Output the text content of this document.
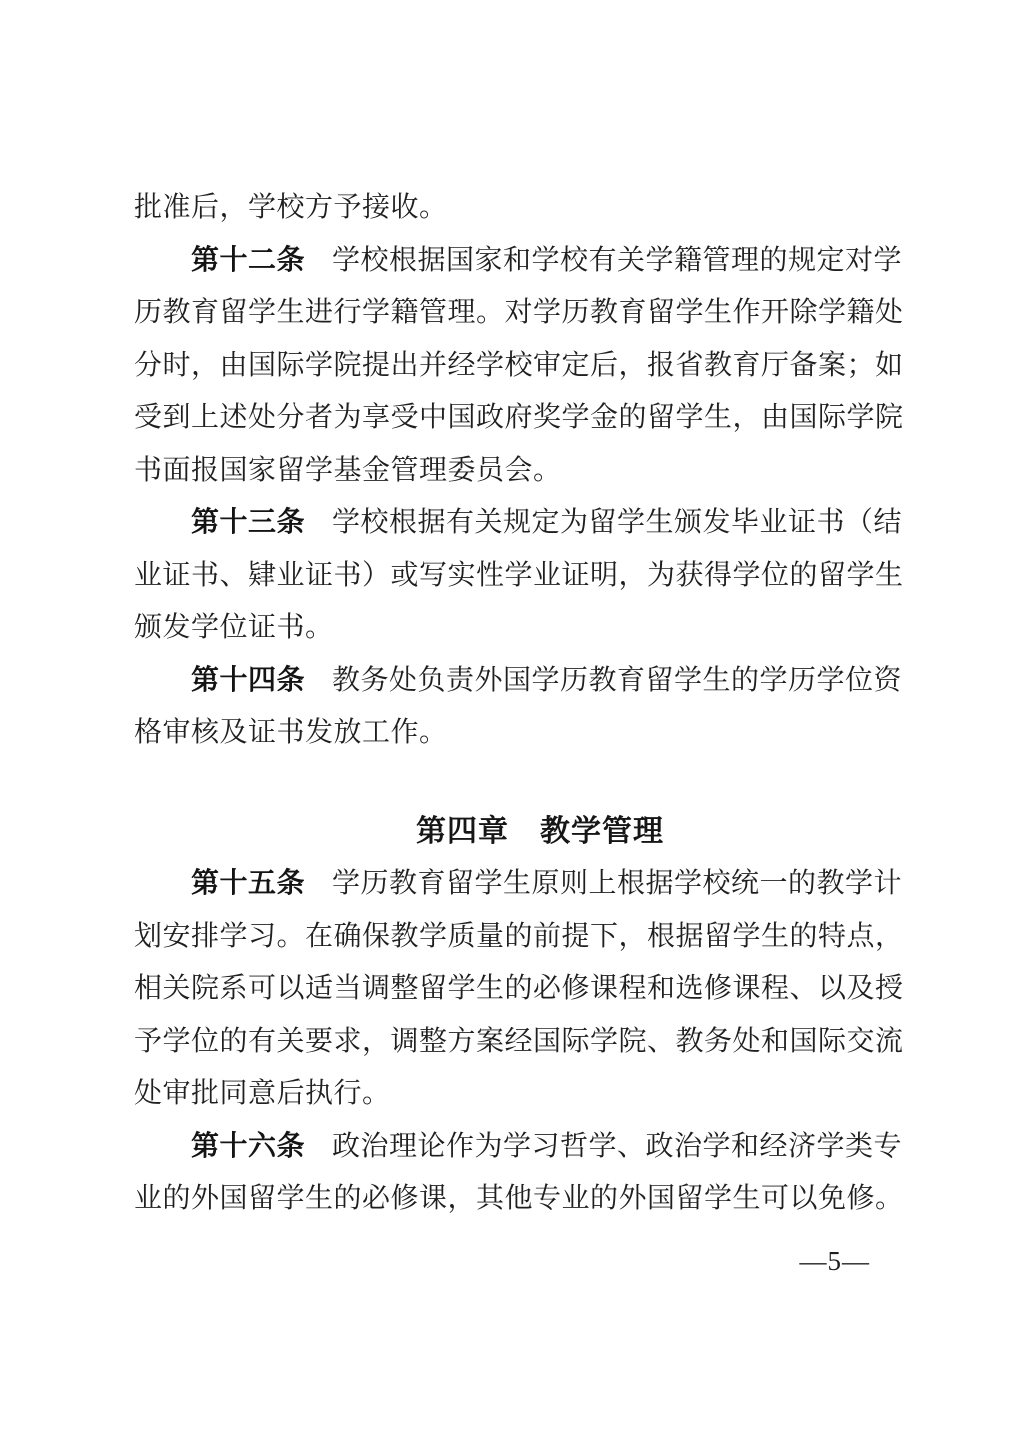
批准后，学校方予接收。
第十二条 学校根据国家和学校有关学籍管理的规定对学
历教育留学生进行学籍管理。对学历教育留学生作开除学籍处
分时，由国际学院提出并经学校审定后，报省教育厅备案；如
受到上述处分者为享受中国政府奖学金的留学生，由国际学院
书面报国家留学基金管理委员会。
第十三条 学校根据有关规定为留学生颁发毕业证书（结
业证书、肄业证书）或写实性学业证明，为获得学位的留学生
颁发学位证书。
第十四条 教务处负责外国学历教育留学生的学历学位资
格审核及证书发放工作。
第四章　教学管理
第十五条 学历教育留学生原则上根据学校统一的教学计
划安排学习。在确保教学质量的前提下，根据留学生的特点，
相关院系可以适当调整留学生的必修课程和选修课程、以及授
予学位的有关要求，调整方案经国际学院、教务处和国际交流
处审批同意后执行。
第十六条 政治理论作为学习哲学、政治学和经济学类专
业的外国留学生的必修课，其他专业的外国留学生可以免修。
—5—
